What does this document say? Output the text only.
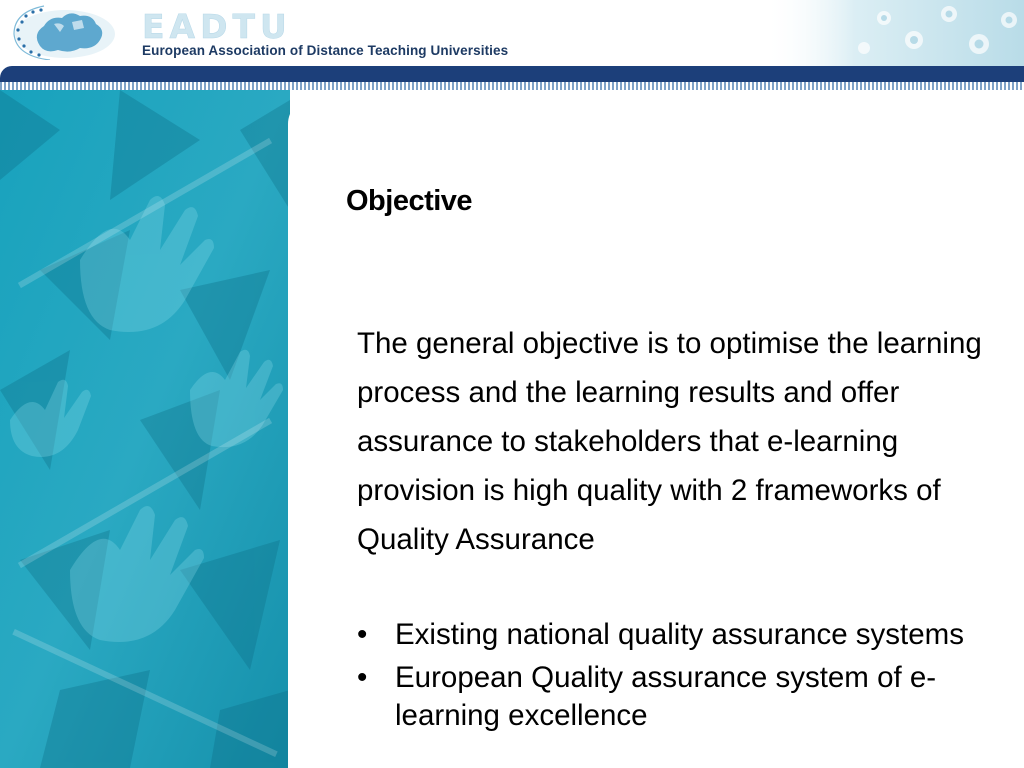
EADTU
European Association of Distance Teaching Universities
Objective
The general objective is to optimise the learning
process and the learning results and offer
assurance to stakeholders that e-learning
provision is high quality with 2 frameworks of
Quality Assurance
• Existing national quality assurance systems
• European Quality assurance system of e-
learning excellence
